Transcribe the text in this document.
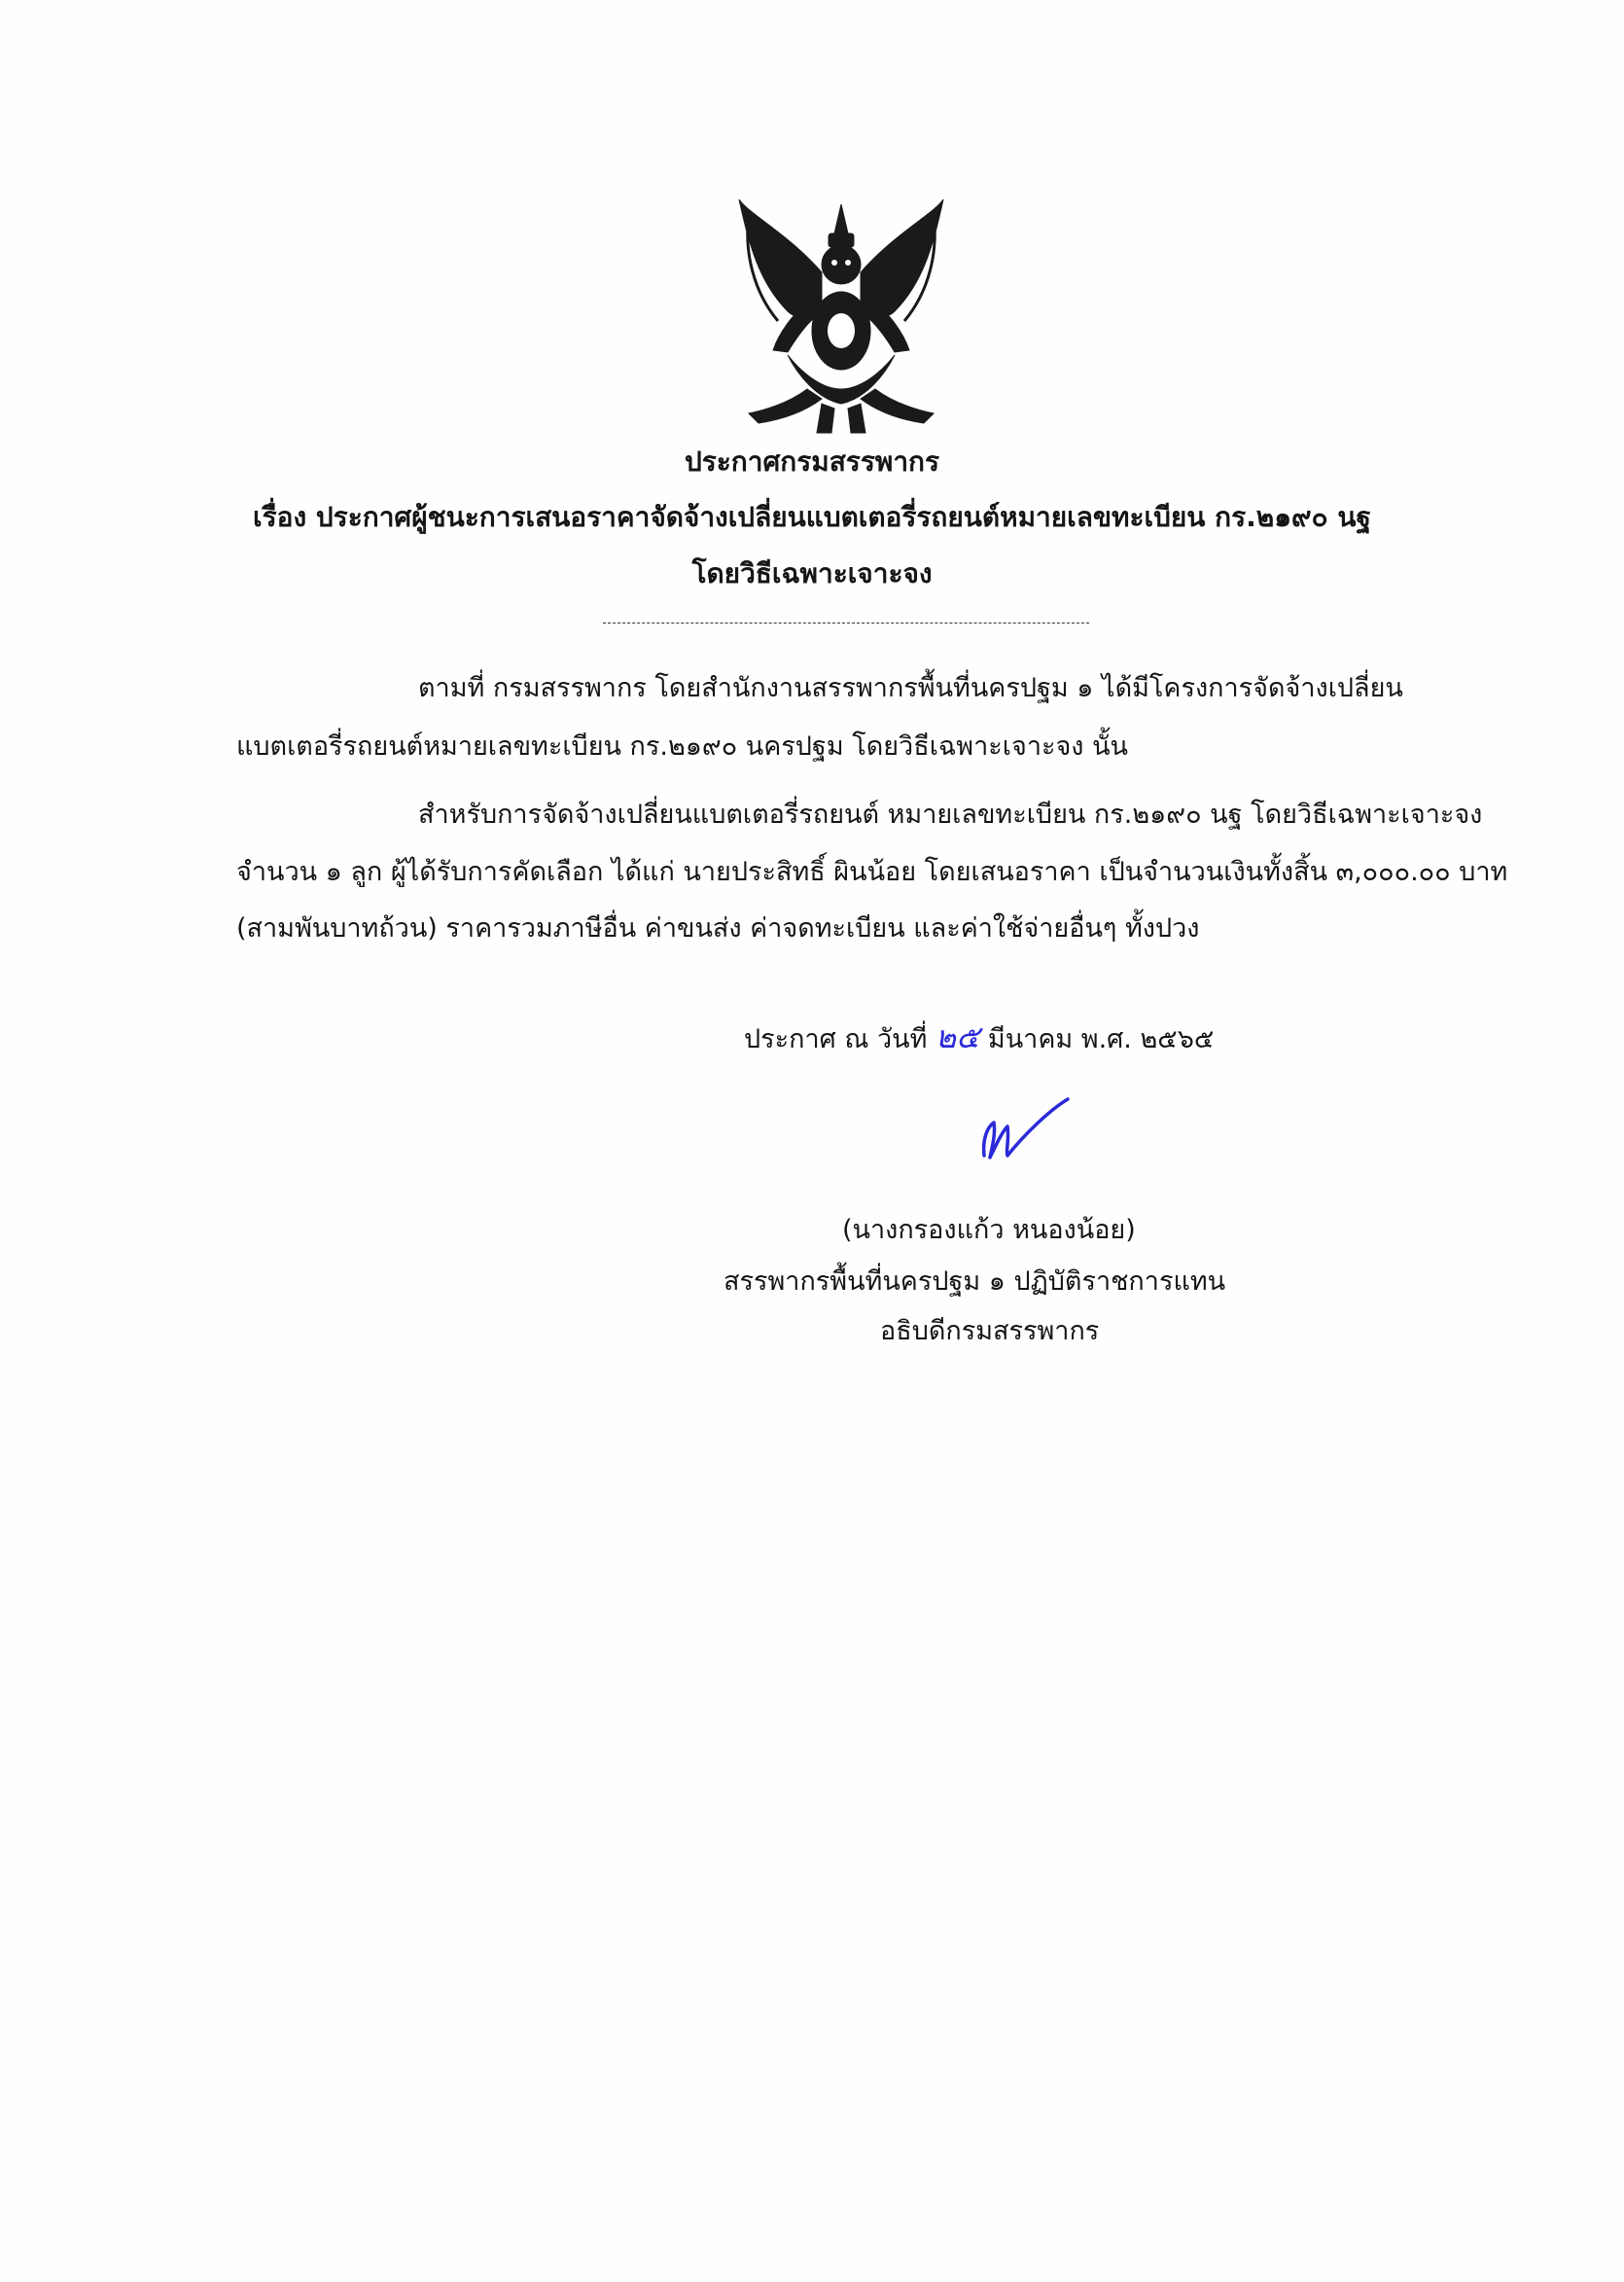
ประกาศกรมสรรพากร
เรื่อง ประกาศผู้ชนะการเสนอราคาจัดจ้างเปลี่ยนแบตเตอรี่รถยนต์หมายเลขทะเบียน กร.๒๑๙๐ นฐ
โดยวิธีเฉพาะเจาะจง
ตามที่ กรมสรรพากร โดยสำนักงานสรรพากรพื้นที่นครปฐม ๑ ได้มีโครงการจัดจ้างเปลี่ยน
แบตเตอรี่รถยนต์หมายเลขทะเบียน กร.๒๑๙๐ นครปฐม โดยวิธีเฉพาะเจาะจง นั้น
สำหรับการจัดจ้างเปลี่ยนแบตเตอรี่รถยนต์ หมายเลขทะเบียน กร.๒๑๙๐ นฐ โดยวิธีเฉพาะเจาะจง
จำนวน ๑ ลูก ผู้ได้รับการคัดเลือก ได้แก่ นายประสิทธิ์ ผินน้อย โดยเสนอราคา เป็นจำนวนเงินทั้งสิ้น ๓,๐๐๐.๐๐ บาท
(สามพันบาทถ้วน) ราคารวมภาษีอื่น ค่าขนส่ง ค่าจดทะเบียน และค่าใช้จ่ายอื่นๆ ทั้งปวง
ประกาศ ณ วันที่ ๒๕ มีนาคม พ.ศ. ๒๕๖๕
(นางกรองแก้ว หนองน้อย)
สรรพากรพื้นที่นครปฐม ๑ ปฏิบัติราชการแทน
อธิบดีกรมสรรพากร
